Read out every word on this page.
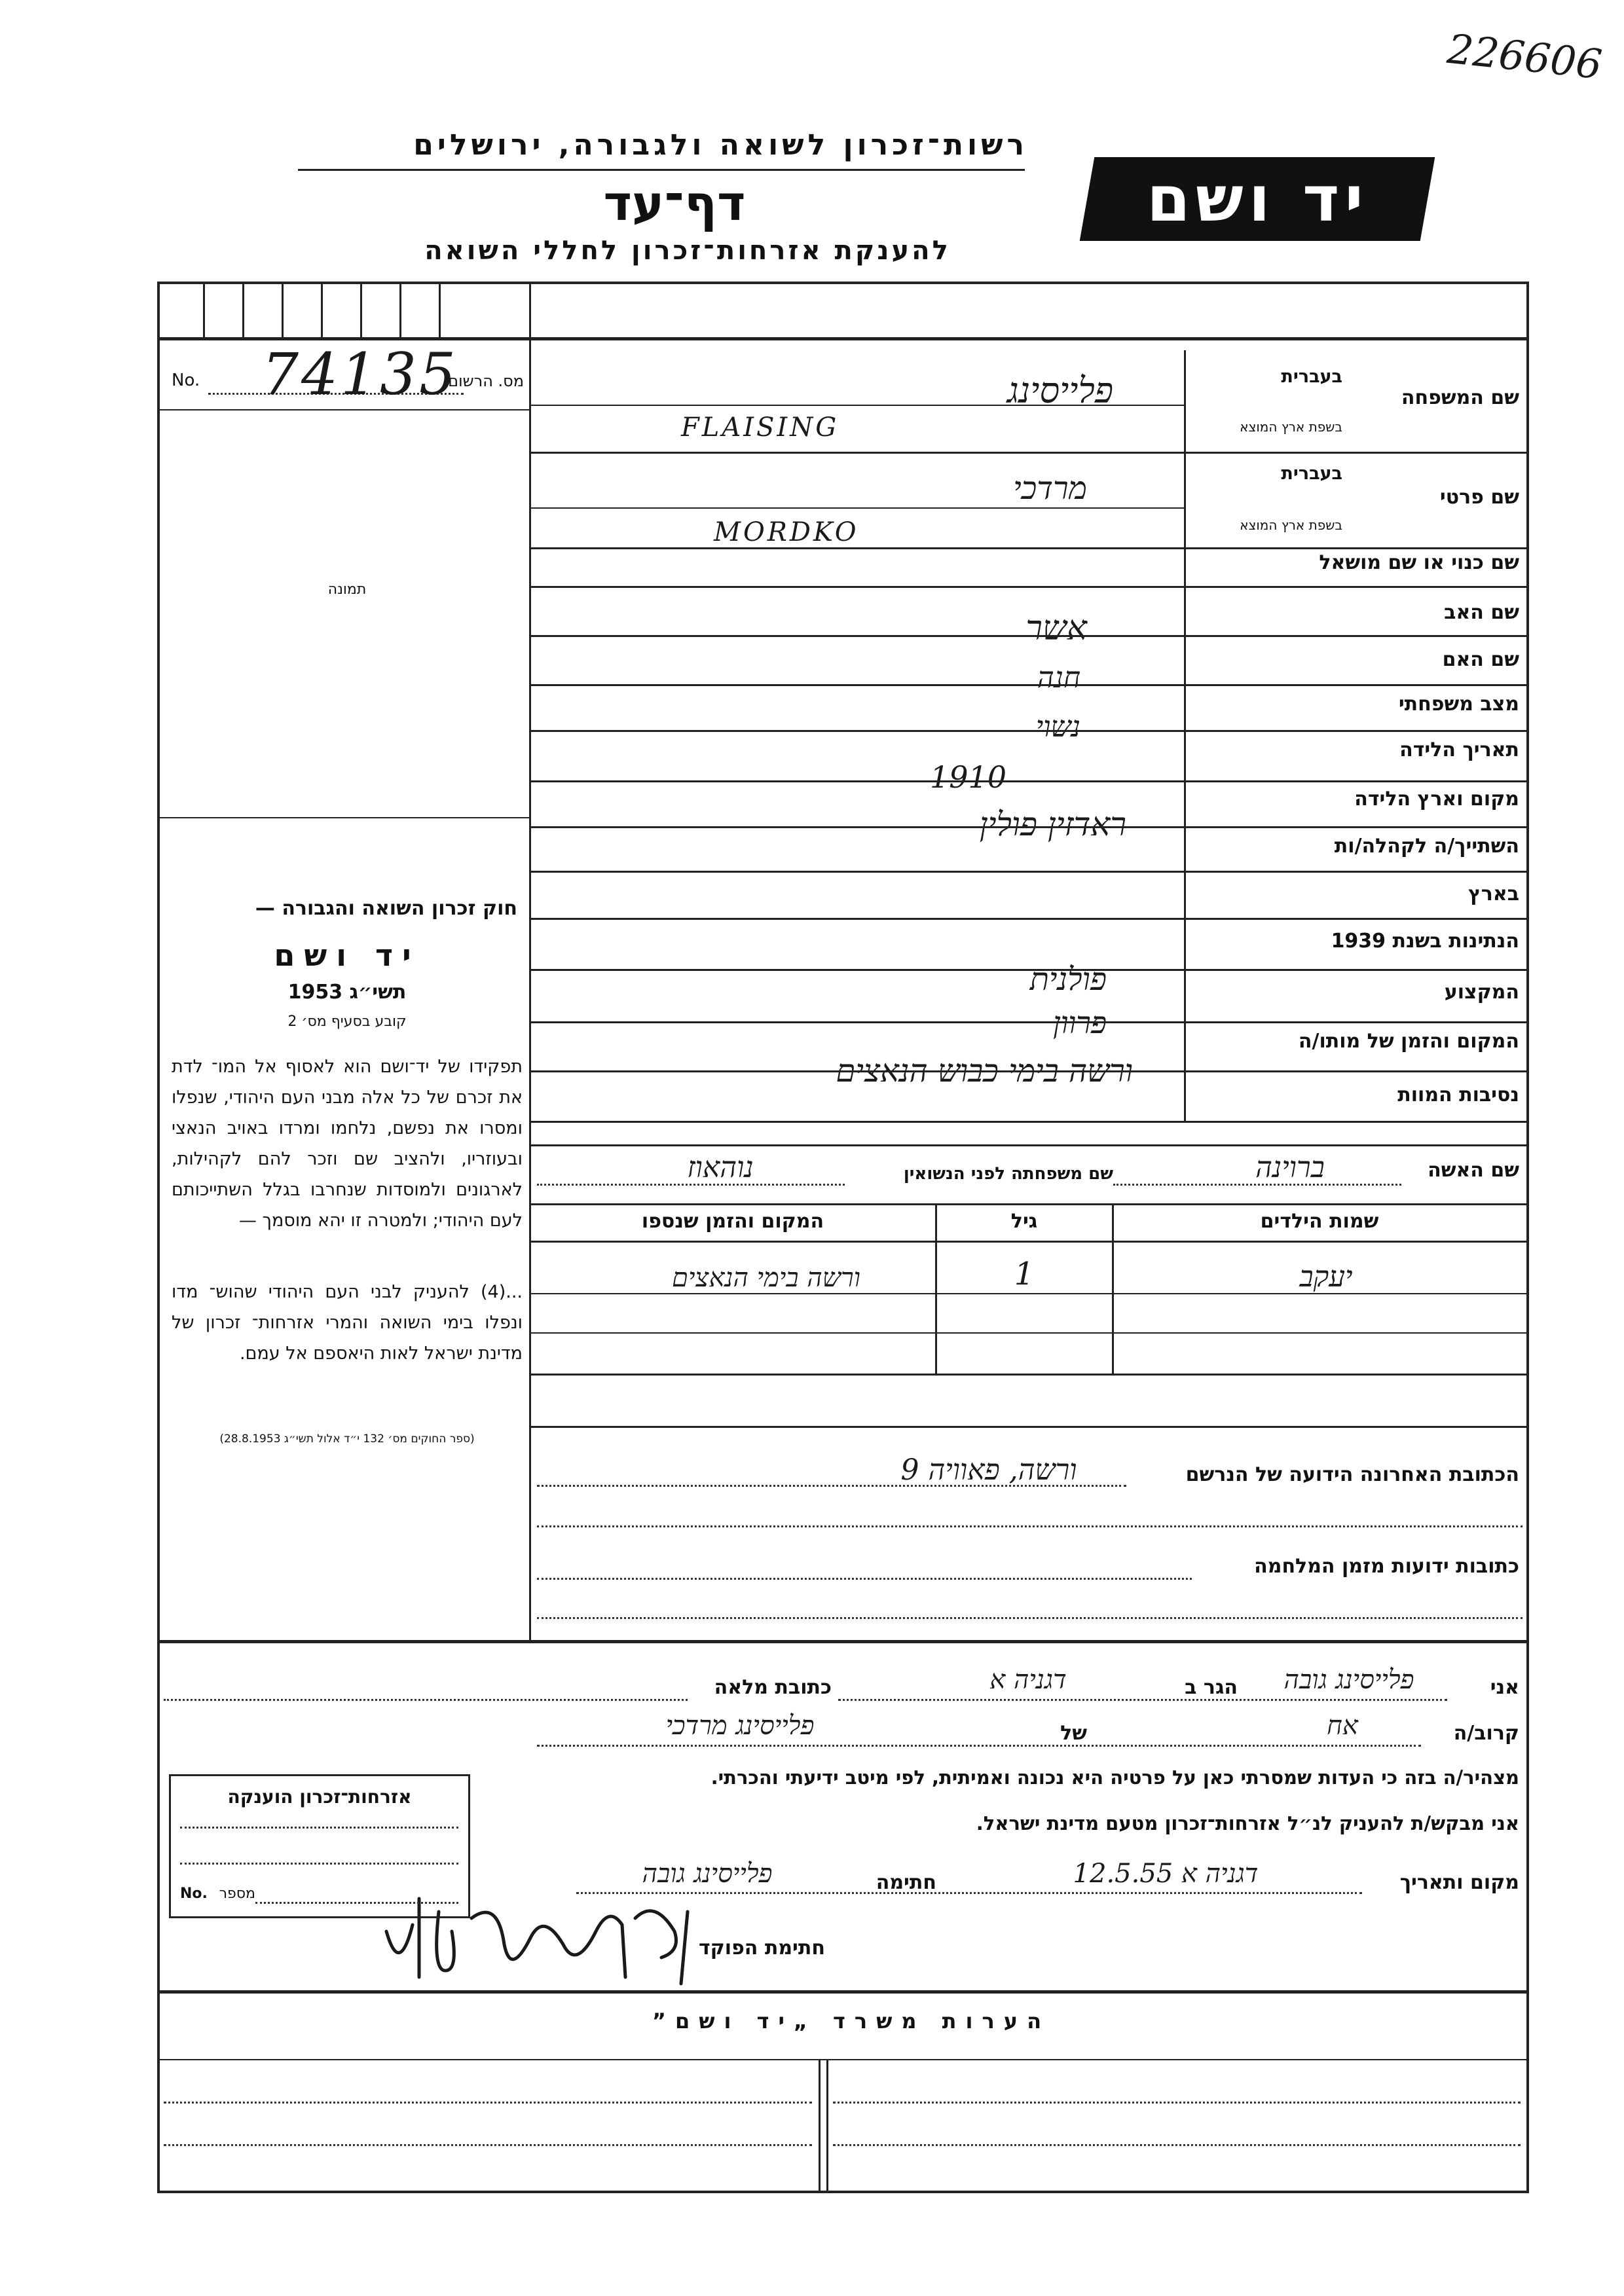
226606
רשות־זכרון לשואה ולגבורה, ירושלים
דף־עד
להענקת אזרחות־זכרון לחללי השואה
יד ושם
No.	מס. הרשום
74135
תמונה
חוק זכרון השואה והגבורה —
יד ושם
תשי״ג 1953
קובע בסעיף מס׳ 2
תפקידו של יד־ושם הוא לאסוף אל המו־ לדת את זכרם של כל אלה מבני העם היהודי, שנפלו ומסרו את נפשם, נלחמו ומרדו באויב הנאצי ובעוזריו, ולהציב שם וזכר להם לקהילות, לארגונים ולמוסדות שנחרבו בגלל השתייכותם לעם היהודי; ולמטרה זו יהא מוסמך —
...(4) להעניק לבני העם היהודי שהוש־ מדו ונפלו בימי השואה והמרי אזרחות־ זכרון של מדינת ישראל לאות היאספם אל עמם.
(ספר החוקים מס׳ 132 י״ד אלול תשי״ג 28.8.1953)
בעברית
שם המשפחה
בשפת ארץ המוצא
פלייסינג
FLAISING
בעברית
שם פרטי
בשפת ארץ המוצא
מרדכי
MORDKO
שם כנוי או שם מושאל
שם האב
אשר
שם האם
חנה
מצב משפחתי
נשוי
תאריך הלידה
1910
מקום וארץ הלידה
ראדזין פולין
השתייך/ה לקהלה/ות
בארץ
הנתינות בשנת 1939
פולנית	המקצוע
פרוון
המקום והזמן של מותו/ה
ורשה בימי כבוש הנאצים
נסיבות המוות
שם האשה
ברוינה
שם משפחתה לפני הנשואין
נוהאוז
שמות הילדים
גיל
המקום והזמן שנספו
יעקב
1
ורשה בימי הנאצים
הכתובת האחרונה הידועה של הנרשם
ורשה, פאוויה 9
כתובות ידועות מזמן המלחמה
אני
פלייסינג גובה
הגר ב
דגניה א
כתובת מלאה
קרוב/ה
אח
של
פלייסינג מרדכי
מצהיר/ה בזה כי העדות שמסרתי כאן על פרטיה היא נכונה ואמיתית, לפי מיטב ידיעתי והכרתי.
אני מבקש/ת להעניק לנ״ל אזרחות־זכרון מטעם מדינת ישראל.
מקום ותאריך
דגניה א 12.5.55
חתימה
פלייסינג גובה
חתימת הפוקד
אזרחות־זכרון הוענקה
No. מספר
הערות משרד „יד ושם”
